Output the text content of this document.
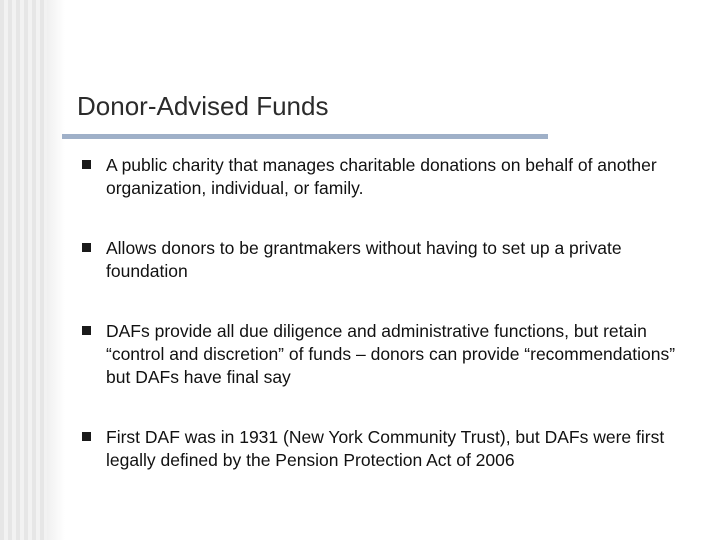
Donor-Advised Funds
A public charity that manages charitable donations on behalf of another organization, individual, or family.
Allows donors to be grantmakers without having to set up a private foundation
DAFs provide all due diligence and administrative functions, but retain “control and discretion” of funds – donors can provide “recommendations” but DAFs have final say
First DAF was in 1931 (New York Community Trust), but DAFs were first legally defined by the Pension Protection Act of 2006
